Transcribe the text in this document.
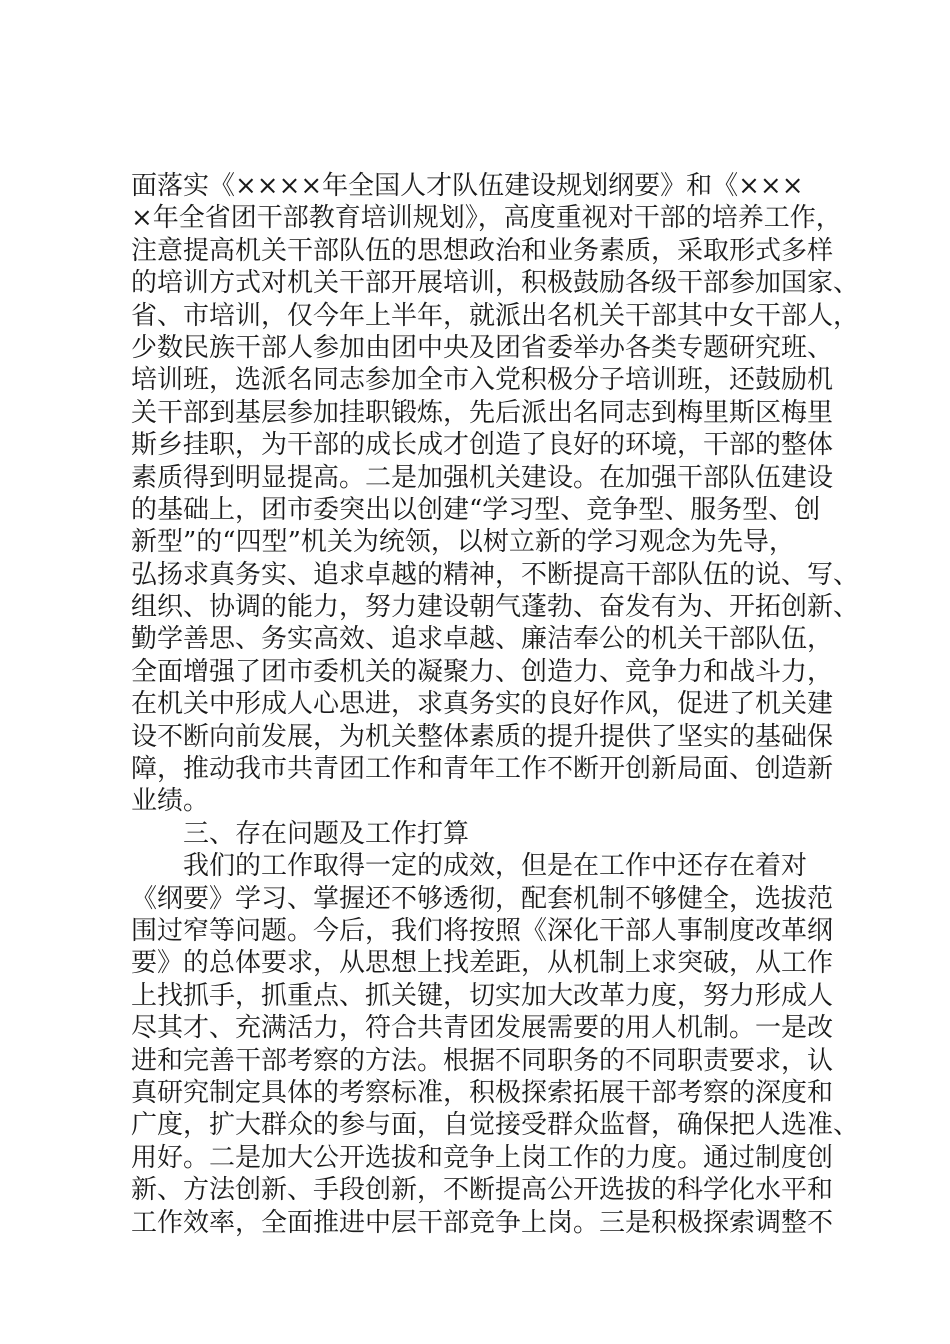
面落实《××××年全国人才队伍建设规划纲要》和《×××
×年全省团干部教育培训规划》，高度重视对干部的培养工作，
注意提高机关干部队伍的思想政治和业务素质，采取形式多样
的培训方式对机关干部开展培训，积极鼓励各级干部参加国家、
省、市培训，仅今年上半年，就派出名机关干部其中女干部人，
少数民族干部人参加由团中央及团省委举办各类专题研究班、
培训班，选派名同志参加全市入党积极分子培训班，还鼓励机
关干部到基层参加挂职锻炼，先后派出名同志到梅里斯区梅里
斯乡挂职，为干部的成长成才创造了良好的环境，干部的整体
素质得到明显提高。二是加强机关建设。在加强干部队伍建设
的基础上，团市委突出以创建“学习型、竞争型、服务型、创
新型”的“四型”机关为统领，以树立新的学习观念为先导，
弘扬求真务实、追求卓越的精神，不断提高干部队伍的说、写、
组织、协调的能力，努力建设朝气蓬勃、奋发有为、开拓创新、
勤学善思、务实高效、追求卓越、廉洁奉公的机关干部队伍，
全面增强了团市委机关的凝聚力、创造力、竞争力和战斗力，
在机关中形成人心思进，求真务实的良好作风，促进了机关建
设不断向前发展，为机关整体素质的提升提供了坚实的基础保
障，推动我市共青团工作和青年工作不断开创新局面、创造新
业绩。
三、存在问题及工作打算
我们的工作取得一定的成效，但是在工作中还存在着对
《纲要》学习、掌握还不够透彻，配套机制不够健全，选拔范
围过窄等问题。今后，我们将按照《深化干部人事制度改革纲
要》的总体要求，从思想上找差距，从机制上求突破，从工作
上找抓手，抓重点、抓关键，切实加大改革力度，努力形成人
尽其才、充满活力，符合共青团发展需要的用人机制。一是改
进和完善干部考察的方法。根据不同职务的不同职责要求，认
真研究制定具体的考察标准，积极探索拓展干部考察的深度和
广度，扩大群众的参与面，自觉接受群众监督，确保把人选准、
用好。二是加大公开选拔和竞争上岗工作的力度。通过制度创
新、方法创新、手段创新，不断提高公开选拔的科学化水平和
工作效率，全面推进中层干部竞争上岗。三是积极探索调整不
